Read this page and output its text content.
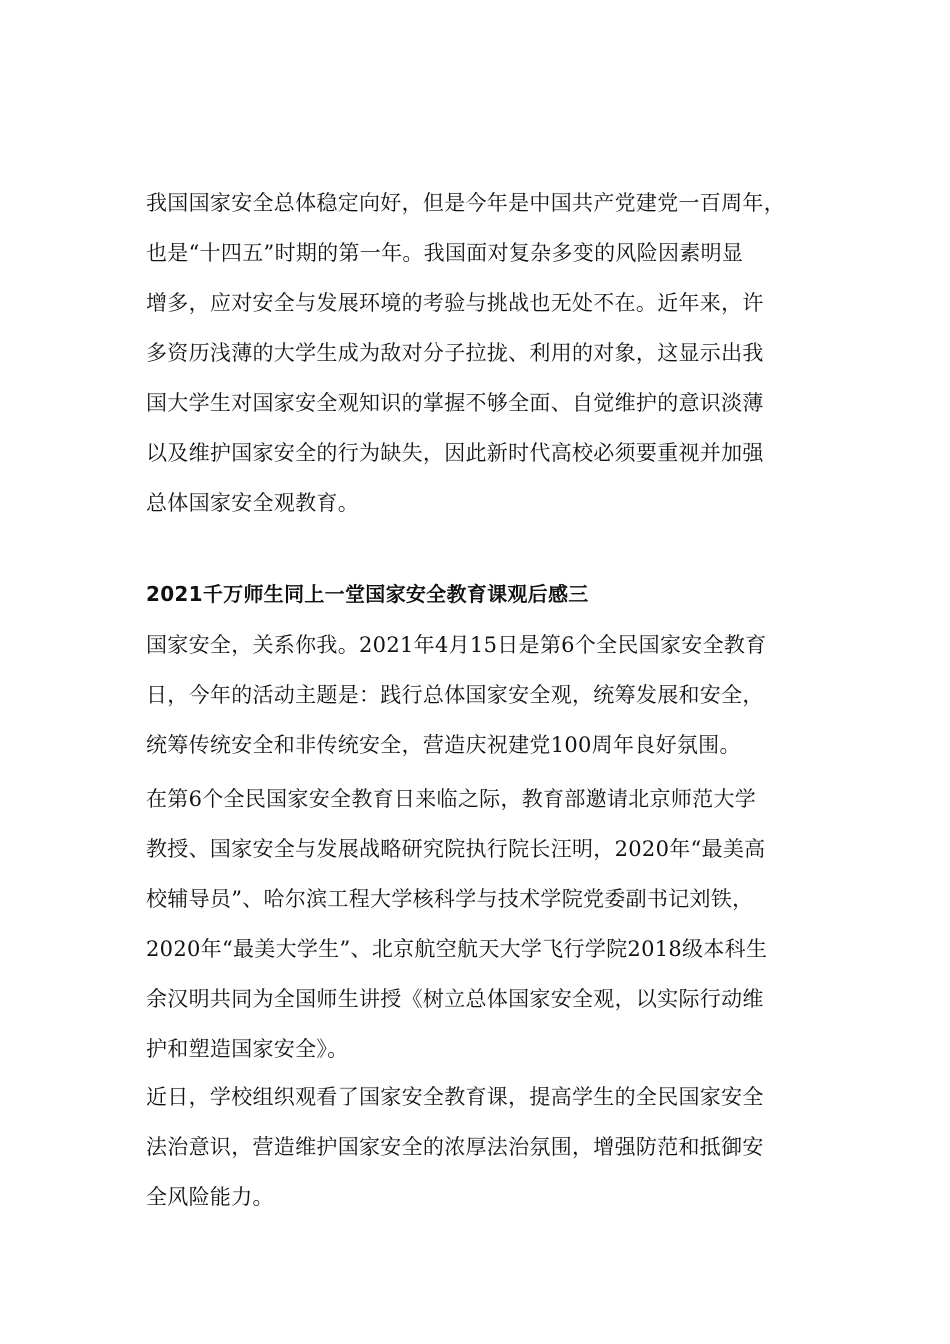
我国国家安全总体稳定向好，但是今年是中国共产党建党一百周年，
也是“十四五”时期的第一年。我国面对复杂多变的风险因素明显
增多，应对安全与发展环境的考验与挑战也无处不在。近年来，许
多资历浅薄的大学生成为敌对分子拉拢、利用的对象，这显示出我
国大学生对国家安全观知识的掌握不够全面、自觉维护的意识淡薄
以及维护国家安全的行为缺失，因此新时代高校必须要重视并加强
总体国家安全观教育。

2021千万师生同上一堂国家安全教育课观后感三

国家安全，关系你我。2021年4月15日是第6个全民国家安全教育
日，今年的活动主题是：践行总体国家安全观，统筹发展和安全，
统筹传统安全和非传统安全，营造庆祝建党100周年良好氛围。

在第6个全民国家安全教育日来临之际，教育部邀请北京师范大学
教授、国家安全与发展战略研究院执行院长汪明，2020年“最美高
校辅导员”、哈尔滨工程大学核科学与技术学院党委副书记刘铁，
2020年“最美大学生”、北京航空航天大学飞行学院2018级本科生
余汉明共同为全国师生讲授《树立总体国家安全观，以实际行动维
护和塑造国家安全》。

近日，学校组织观看了国家安全教育课，提高学生的全民国家安全
法治意识，营造维护国家安全的浓厚法治氛围，增强防范和抵御安
全风险能力。
